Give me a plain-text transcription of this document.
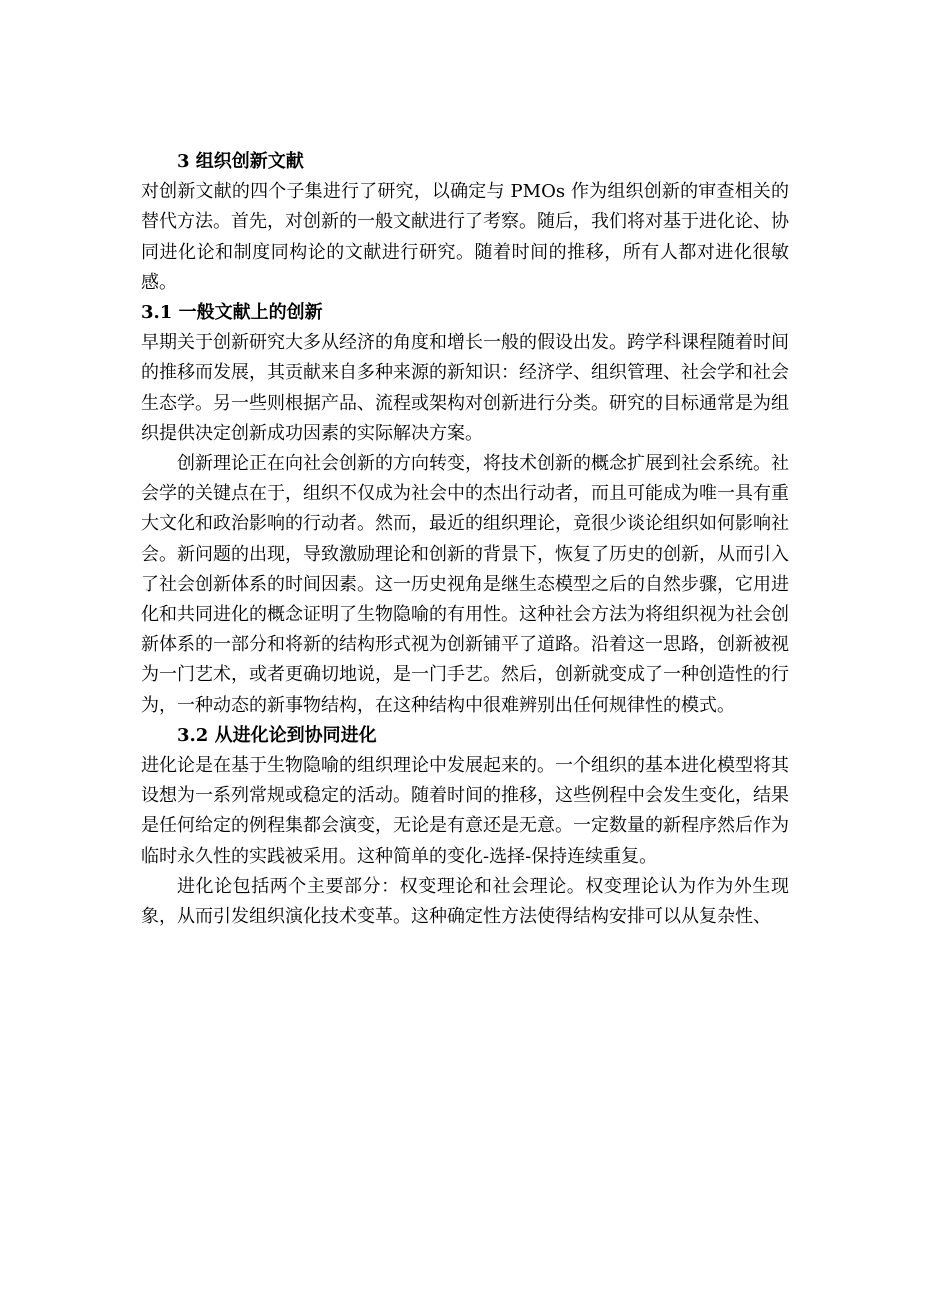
3 组织创新文献

对创新文献的四个子集进行了研究，以确定与 PMOs 作为组织创新的审查相关的替代方法。首先，对创新的一般文献进行了考察。随后，我们将对基于进化论、协同进化论和制度同构论的文献进行研究。随着时间的推移，所有人都对进化很敏感。

3.1 一般文献上的创新

早期关于创新研究大多从经济的角度和增长一般的假设出发。跨学科课程随着时间的推移而发展，其贡献来自多种来源的新知识：经济学、组织管理、社会学和社会生态学。另一些则根据产品、流程或架构对创新进行分类。研究的目标通常是为组织提供决定创新成功因素的实际解决方案。

创新理论正在向社会创新的方向转变，将技术创新的概念扩展到社会系统。社会学的关键点在于，组织不仅成为社会中的杰出行动者，而且可能成为唯一具有重大文化和政治影响的行动者。然而，最近的组织理论，竟很少谈论组织如何影响社会。新问题的出现，导致激励理论和创新的背景下，恢复了历史的创新，从而引入了社会创新体系的时间因素。这一历史视角是继生态模型之后的自然步骤，它用进化和共同进化的概念证明了生物隐喻的有用性。这种社会方法为将组织视为社会创新体系的一部分和将新的结构形式视为创新铺平了道路。沿着这一思路，创新被视为一门艺术，或者更确切地说，是一门手艺。然后，创新就变成了一种创造性的行为，一种动态的新事物结构，在这种结构中很难辨别出任何规律性的模式。

3.2 从进化论到协同进化

进化论是在基于生物隐喻的组织理论中发展起来的。一个组织的基本进化模型将其设想为一系列常规或稳定的活动。随着时间的推移，这些例程中会发生变化，结果是任何给定的例程集都会演变，无论是有意还是无意。一定数量的新程序然后作为临时永久性的实践被采用。这种简单的变化-选择-保持连续重复。

进化论包括两个主要部分：权变理论和社会理论。权变理论认为作为外生现象，从而引发组织演化技术变革。这种确定性方法使得结构安排可以从复杂性、
